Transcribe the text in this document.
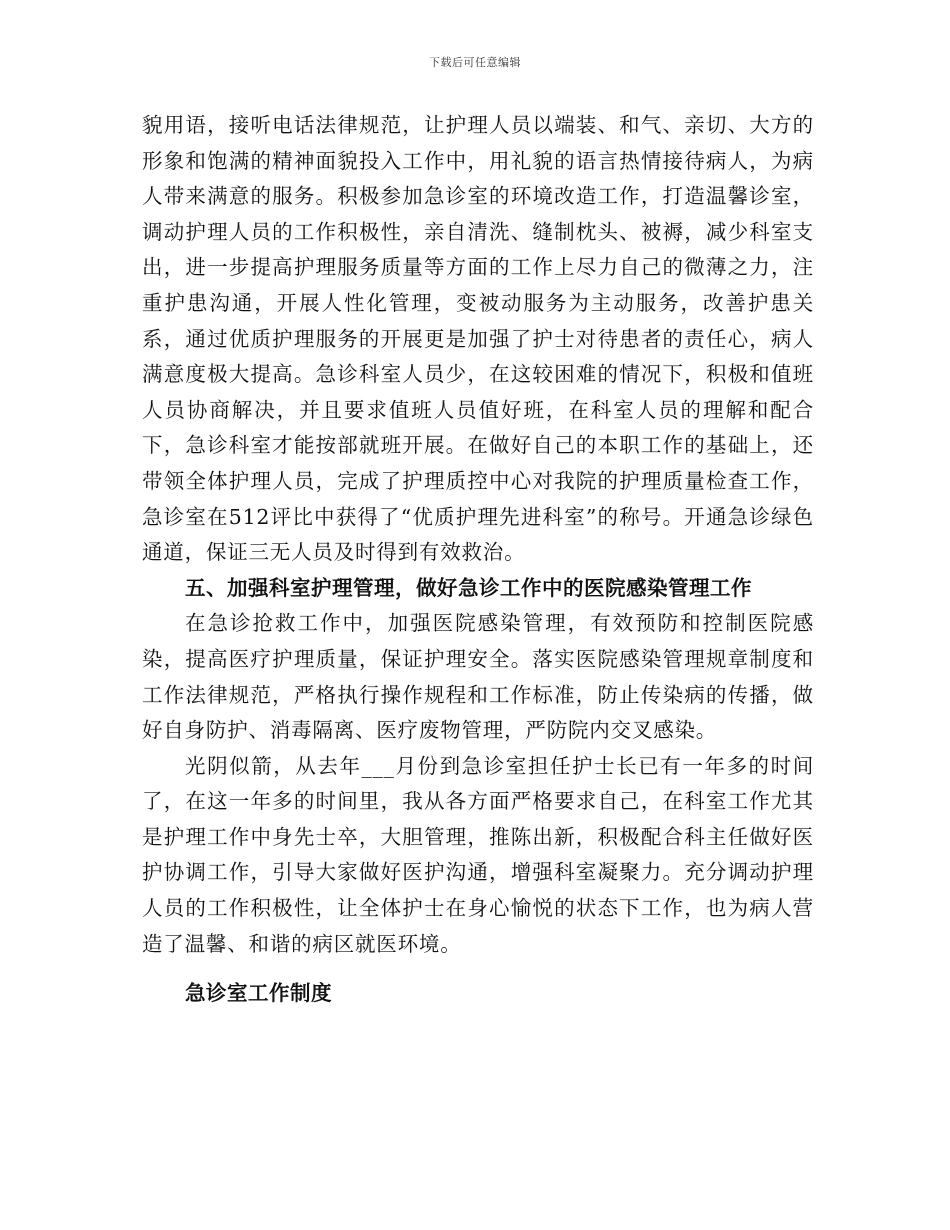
下载后可任意编辑

貌用语，接听电话法律规范，让护理人员以端装、和气、亲切、大方的形象和饱满的精神面貌投入工作中，用礼貌的语言热情接待病人，为病人带来满意的服务。积极参加急诊室的环境改造工作，打造温馨诊室，调动护理人员的工作积极性，亲自清洗、缝制枕头、被褥，减少科室支出，进一步提高护理服务质量等方面的工作上尽力自己的微薄之力，注重护患沟通，开展人性化管理，变被动服务为主动服务，改善护患关系，通过优质护理服务的开展更是加强了护士对待患者的责任心，病人满意度极大提高。急诊科室人员少，在这较困难的情况下，积极和值班人员协商解决，并且要求值班人员值好班，在科室人员的理解和配合下，急诊科室才能按部就班开展。在做好自己的本职工作的基础上，还带领全体护理人员，完成了护理质控中心对我院的护理质量检查工作，急诊室在512评比中获得了“优质护理先进科室”的称号。开通急诊绿色通道，保证三无人员及时得到有效救治。

五、加强科室护理管理，做好急诊工作中的医院感染管理工作

在急诊抢救工作中，加强医院感染管理，有效预防和控制医院感染，提高医疗护理质量，保证护理安全。落实医院感染管理规章制度和工作法律规范，严格执行操作规程和工作标准，防止传染病的传播，做好自身防护、消毒隔离、医疗废物管理，严防院内交叉感染。

光阴似箭，从去年___月份到急诊室担任护士长已有一年多的时间了，在这一年多的时间里，我从各方面严格要求自己，在科室工作尤其是护理工作中身先士卒，大胆管理，推陈出新，积极配合科主任做好医护协调工作，引导大家做好医护沟通，增强科室凝聚力。充分调动护理人员的工作积极性，让全体护士在身心愉悦的状态下工作，也为病人营造了温馨、和谐的病区就医环境。

急诊室工作制度
